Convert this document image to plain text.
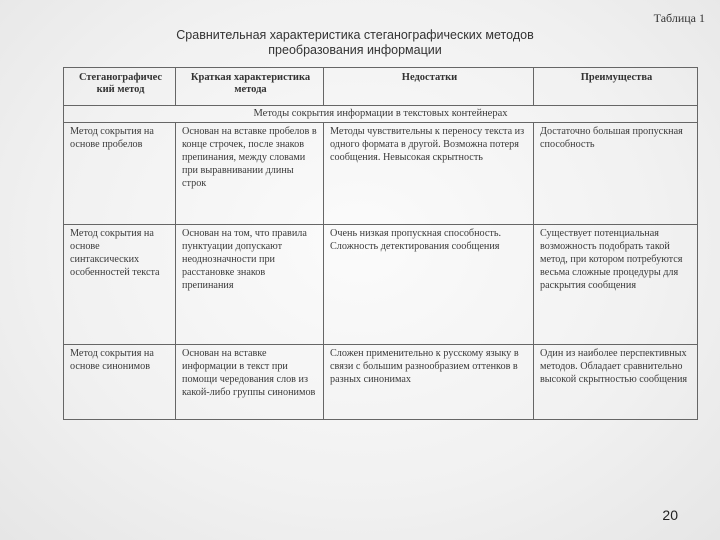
Таблица 1
Сравнительная характеристика стеганографических методов
преобразования информации
Стеганографичес кий метод	Краткая характеристика метода	Недостатки	Преимущества
Методы сокрытия информации в текстовых контейнерах			
Метод сокрытия на основе пробелов	Основан на вставке пробелов в конце строчек, после знаков препинания, между словами при выравнивании длины строк	Методы чувствительны к переносу текста из одного формата в другой. Возможна потеря сообщения. Невысокая скрытность	Достаточно большая пропускная способность
Метод сокрытия на основе синтаксических особенностей текста	Основан на том, что правила пунктуации допускают неоднозначности при расстановке знаков препинания	Очень низкая пропускная способность. Сложность детектирования сообщения	Существует потенциальная возможность подобрать такой метод, при котором потребуются весьма сложные процедуры для раскрытия сообщения
Метод сокрытия на основе синонимов	Основан на вставке информации в текст при помощи чередования слов из какой-либо группы синонимов	Сложен применительно к русскому языку в связи с большим разнообразием оттенков в разных синонимах	Один из наиболее перспективных методов. Обладает сравнительно высокой скрытностью сообщения
20
